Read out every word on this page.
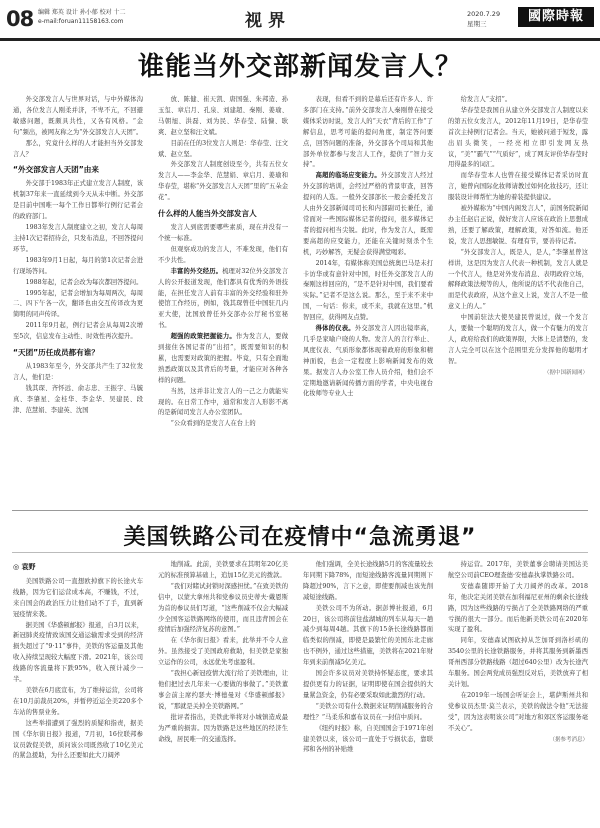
08 编辑 郑英 设计 孙小郁 校对 十二
e-mail:foruan11158163.com	视界	2020.7.29
星期三	國際時報
谁能当外交部新闻发言人？

外交部发言人与世界对话，与中外媒体沟通，各位发言人刚柔并济，不卑不亢，不回避敏感问题，既颇具共性，又各有风格。“金句”频出，被网友称之为“外交部发言人天团”。

那么，究竟什么样的人才能担当外交部发言人？

“外交部发言人天团”由来

外交部于1983年正式建立发言人制度，该机制37年来一直延续到今天从未中断。外交部是目前中国唯一每个工作日都举行例行记者会的政府部门。

1983年发言人制度建立之初，发言人每周主持1次记者招待会，只发布消息，不回答提问环节。

1983年9月1日起，每月的第1次记者会进行现场答问。

1988年起，记者会改为每次都回答提问。

1995年起，记者会增加为每周两次，每周二、四下午各一次，翻译也由交互传译改为更简明的同声传译。

2011年9月起，例行记者会从每周2次增至5次，信息发布主动性、时效性再次提升。

“天团”历任成员都有谁？

从1983年至今，外交部共产生了32位发言人，他们是：

钱其琛、齐怀远、俞志忠、王振宇、马毓真、李肇星、金桂华、李金华、吴建民、段津、范慧娟、李建英、沈国

放、陈健、崔天凯、唐国强、朱邦造、孙玉玺、章启月、孔泉、刘建超、秦刚、姜瑜、马朝旭、洪磊、刘为民、华春莹、陆慷、耿爽、赵立坚和汪文斌。

目前在任的3位发言人则是：华春莹、汪文斌、赵立坚。

外交部发言人制度创设至今，共有五位女发言人——李金华、范慧娟、章启月、姜瑜和华春莹，堪称“外交部发言人天团”里的“五朵金花”。

什么样的人能当外交部发言人

发言人到底需要哪些素质，现在并没有一个统一标准。

但观察成功的发言人，不难发现，他们有不少共性。

丰富的外交经历。梳理对32位外交部发言人的公开报道发现，他们都具有优秀的外语技能，在担任发言人前有丰富的外交经验和驻外使馆工作经历，例如，钱其琛曾任中国驻几内亚大使，沈国放曾任外交部办公厅秘书室秘书。

超强的政策把握能力。作为发言人，要做到接住各国记者的“出招”，既需要知识的积累，也需要对政策的把握。毕竟，只有全面地熟悉政策以及其背后的考量，才能应对各种各样的问题。

当然，这并非让发言人的一己之力就能实现的。在日常工作中，通常和发言人形影不离的是新闻司发言人办公室团队。

“公众看到的是发言人在台上的

表现，但看不到的是幕后还有许多人、许多部门在支持。”前外交部发言人秦刚曾在接受媒体采访时说，发言人的“天衣”背后的工作“了解信息，思考可能的提问角度，制定答问要点，回答问题的准备，外交部各个司局和其他部外单位都参与发言人工作，提供了“智力支持”。

高超的临场应变能力。外交部发言人经过外交部的培训，会经过严格的背景审查，回答提问的人选。一般外交部部长一般会委托发言人由外交部新闻司司长和内部副司长兼任，通常面对一些国际媒体记者的提问，很多媒体记者的提问相当尖锐。此时，作为发言人，既需要高超的应变能力，还能在关键时刻杀个生机，巧妙解答，无疑会获得满堂喝彩。

2014年，有媒体称美国总统奥巴马是未打卡访华或有意针对中国，时任外交部发言人的秦刚这样回应的，“是不是针对中国，我们要看实际。”记者不是这么说。那么，至于来不来中国，一句话：你来，或不来，我就在这里。”机智回应，获得网友点赞。

得体的仪表。外交部发言人因出镜率高，几乎是家喻户晓的人物。发言人的言行举止、风度仪表、气质形象都体现着政府的形象和精神面貌，也会一定程度上影响新闻发布的效果。据发言人办公室工作人员介绍，他们会不定期地邀请新闻传播方面的学者，中央电视台化妆师等专业人士

给发言人“支招”。

华春莹是我国自从建立外交部发言人制度以来的第五位女发言人，2012年11月19日，是华春莹首次主持例行记者会。当天，她被问道于短发，露出眉头微笑，一经亮相立即引发网友热议，“美”“霸气”“气质好”，成了网友评价华春莹时用得最多的词汇。

而华春莹本人也曾在接受媒体记者采访时直言，她曾向国际化妆师请教过如何化妆技巧，还让服装设计师帮忙为她的着装提供建议。

被外媒称为“中国内阁发言人”，前国务院新闻办主任赵启正说，做好发言人应该在政治上思想成熟，还要了解政策，理解政策，对答如流。他还说，发言人思想敏锐、有理有节，要善待记者。

“外交部发言人，既是人，是人，”李肇星曾这样讲，这是因为发言人代表一种机制，发言人就是一个代言人，他是对外发布消息、表明政府立场，解释政策法规等的人，他所说的话不代表他自己，而是代表政府，从这个意义上说，发言人不是一般意义上的人。”

中国前驻法大使吴建民曾说过，做一个发言人，要做一个聪明的发言人，做一个有魅力的发言人，政府给我们的政策界限，大体上是清楚的，发言人完全可以在这个范围里充分发挥他的聪明才智。

（据中国新闻网）

美国铁路公司在疫情中“急流勇退”

◎ 袁野

美国铁路公司一直想欧掉旗下的长途火车线路，因为它们运营成本高，不赚钱，不过，来自国会的政治压力让他们动不了手，直到新冠疫情来袭。

据美国《华盛顿邮报》报道，自3月以来，新冠肺炎疫情致该国交通运输需求受到的经济损失超过了“9·11”事件，美铁的客运量及其他收入持续呈现较大幅度下滑。2021年，该公司线路的客流量将下跌95%，收入预计减少一半。

美铁在6月底宣布，为了维持运营，公司将在10月前裁员20%，并暂停近运全美220多个车站的售票业务。

这些举措遭到了强烈的质疑和指责，据美国《华尔街日报》报道，7月初，16位联邦参议员敦促美铁，质问该公司既然收了10亿美元的紧急援助，为什么还要如此大刀阔斧

地削减。此前，美铁要求在其明年20亿美元的标准预算基础上，追加15亿美元的拨款。

“我们对睹试封锁时深感担忧。”在致美铁的信中，以蒙大拿州共和党参议员史蒂夫·戴恩斯为首的参议员们写道，“这些削减不仅会大幅减少全国客运铁路网络的使用，而且违背国会在疫情后加强经济复苏的意图。”

在《华尔街日报》看来，此举并不令人意外。虽然接受了美国政府救助，但美铁是家独立运作的公司，永远优先考虑盈利。

“我担心新冠疫情大流行给了美铁理由，让他们把过去几年来一心要做的事做了。”美铁董事会前主席约瑟夫·博德曼对《华盛顿邮报》说，“那就是关掉全美铁路网。”

批评者指出，美铁此举将对小城镇造成最为严重的损害。因为铁路是这些地区的经济生命线，居民唯一的交通选择。

他们强调，全美长途线路5月的客流量较去年同期下降78%，而短途线路客流量同期则下降超过90%，言下之意，即使要削减也该先削减短途线路。

美铁公司不为所动。据彭博社报道，6月20日，该公司将前往盐湖城的列车从每天一趟减少到每周4趟。其旗下的15条长途线路都面临类似的削减，即使是最繁忙的美国东北走廊也不例外，通过这些措施，美铁将在2021年财年到来前削减5亿美元。

国会许多议员对美铁持怀疑态度，要求其提供更有力的证据，证明即使在国会提供的大量紧急资金，仍有必要采取如此激烈的行动。

“美铁公司有什么数据来证明削减服务的合理性？”马柔乐和嘉布议员在一封信中质问。

《纽约时报》称，自美国国会于1971年创建美铁以来，该公司一直处于亏损状态，靠联邦和各州的补贴维

持运营。2017年，美铁董事会聘请美国达美航空公司前CEO理查德·安德森执掌铁路公司。

安德森随即开始了大刀阔斧的改革。2018年，他决定关闭美铁在加利福尼亚州的剩余长途线路，因为这些线路的亏损占了全美铁路网络的严重亏损的很大一部分。而后他新美铁公司在2020年实现了盈利。

同年，安德森试图砍掉从芝加哥到洛杉矶的3540公里的长途铁路服务，并将其服务到新墨西哥州西部分铁路线路（超过640公里）改为长途汽车服务。国会两党成员强烈反对后，美铁放弃了相关计划。

在2019年一场国会听证会上，堪萨斯州共和党参议员杰里·莫兰表示，美铁的做法令他“无法接受”，因为这表明该公司“对地方和郊区客运服务毫不关心”。

（据参考消息）
